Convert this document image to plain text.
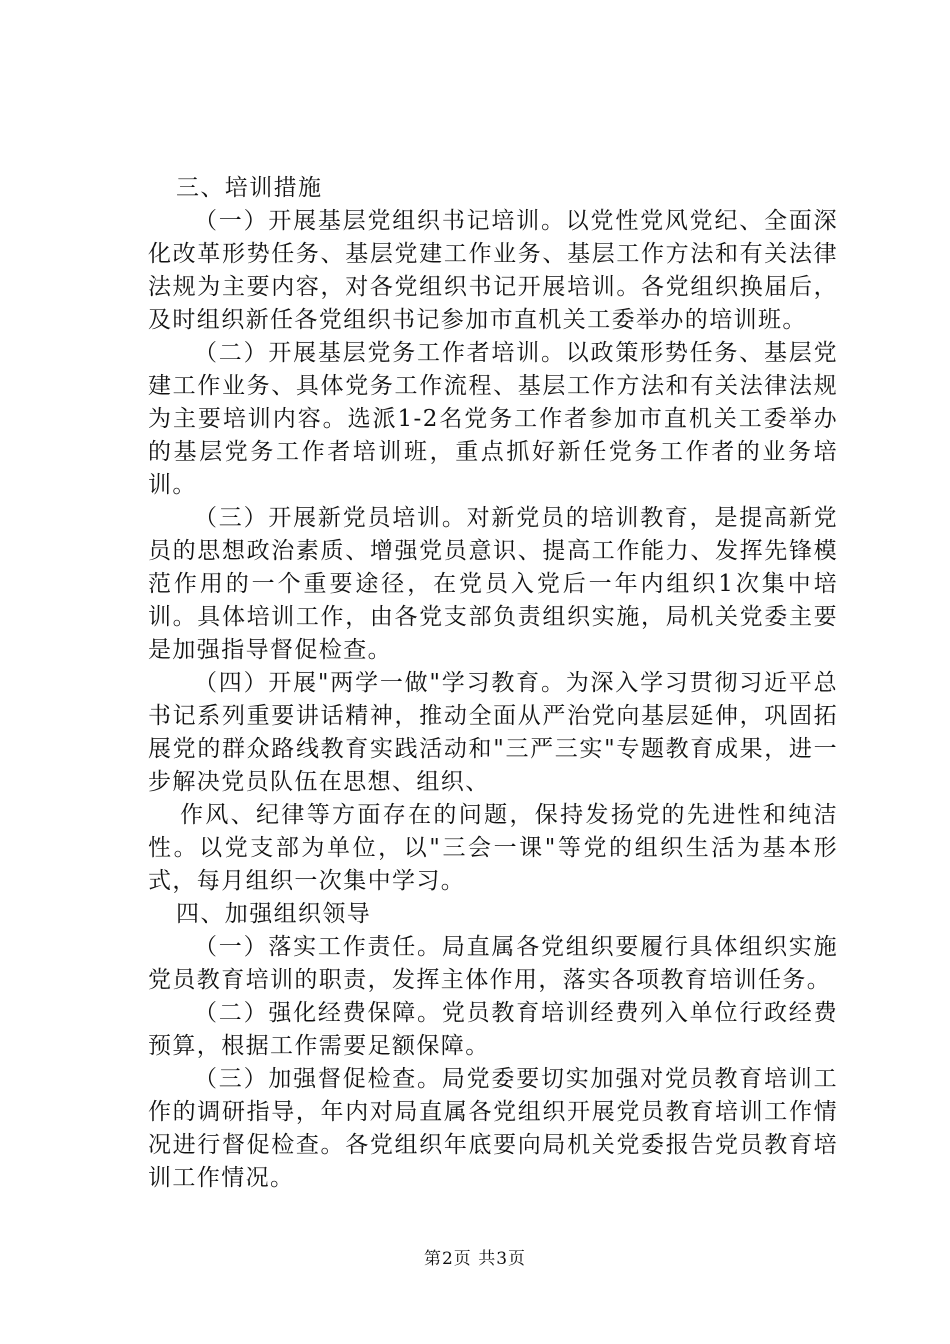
三、培训措施

（一）开展基层党组织书记培训。以党性党风党纪、全面深化改革形势任务、基层党建工作业务、基层工作方法和有关法律法规为主要内容，对各党组织书记开展培训。各党组织换届后，及时组织新任各党组织书记参加市直机关工委举办的培训班。

（二）开展基层党务工作者培训。以政策形势任务、基层党建工作业务、具体党务工作流程、基层工作方法和有关法律法规为主要培训内容。选派1-2名党务工作者参加市直机关工委举办的基层党务工作者培训班，重点抓好新任党务工作者的业务培训。

（三）开展新党员培训。对新党员的培训教育，是提高新党员的思想政治素质、增强党员意识、提高工作能力、发挥先锋模范作用的一个重要途径，在党员入党后一年内组织1次集中培训。具体培训工作，由各党支部负责组织实施，局机关党委主要是加强指导督促检查。

（四）开展"两学一做"学习教育。为深入学习贯彻习近平总书记系列重要讲话精神，推动全面从严治党向基层延伸，巩固拓展党的群众路线教育实践活动和"三严三实"专题教育成果，进一步解决党员队伍在思想、组织、

作风、纪律等方面存在的问题，保持发扬党的先进性和纯洁性。以党支部为单位，以"三会一课"等党的组织生活为基本形式，每月组织一次集中学习。

四、加强组织领导

（一）落实工作责任。局直属各党组织要履行具体组织实施党员教育培训的职责，发挥主体作用，落实各项教育培训任务。

（二）强化经费保障。党员教育培训经费列入单位行政经费预算，根据工作需要足额保障。

（三）加强督促检查。局党委要切实加强对党员教育培训工作的调研指导，年内对局直属各党组织开展党员教育培训工作情况进行督促检查。各党组织年底要向局机关党委报告党员教育培训工作情况。

第2页 共3页
